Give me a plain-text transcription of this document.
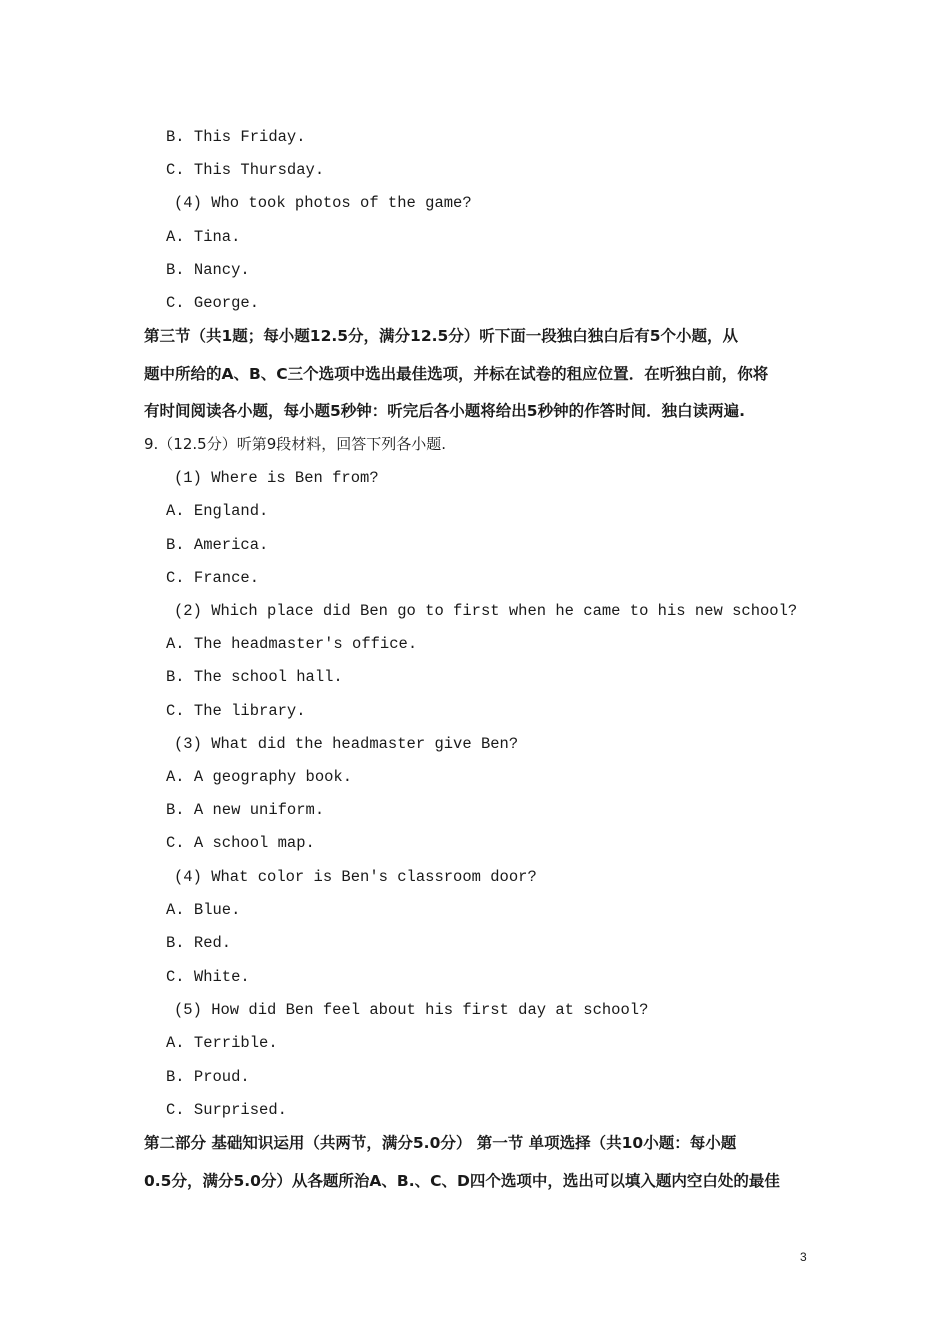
B. This Friday.
C. This Thursday.
(4) Who took photos of the game?
A. Tina.
B. Nancy.
C. George.
第三节（共1题；每小题12.5分，满分12.5分）听下面一段独白独白后有5个小题，从
题中所给的A、B、C三个选项中选出最佳选项，并标在试卷的租应位置．在听独白前，你将
有时间阅读各小题，每小题5秒钟：听完后各小题将给出5秒钟的作答时间．独白读两遍.
9.（12.5分）听第9段材料，回答下列各小题.
(1) Where is Ben from?
A. England.
B. America.
C. France.
(2) Which place did Ben go to first when he came to his new school?
A. The headmaster's office.
B. The school hall.
C. The library.
(3) What did the headmaster give Ben?
A. A geography book.
B. A new uniform.
C. A school map.
(4) What color is Ben's classroom door?
A. Blue.
B. Red.
C. White.
(5) How did Ben feel about his first day at school?
A. Terrible.
B. Proud.
C. Surprised.
第二部分 基础知识运用（共两节，满分5.0分） 第一节 单项选择（共10小题：每小题
0.5分，满分5.0分）从各题所治A、B.、C、D四个选项中，选出可以填入题内空白处的最佳
3
